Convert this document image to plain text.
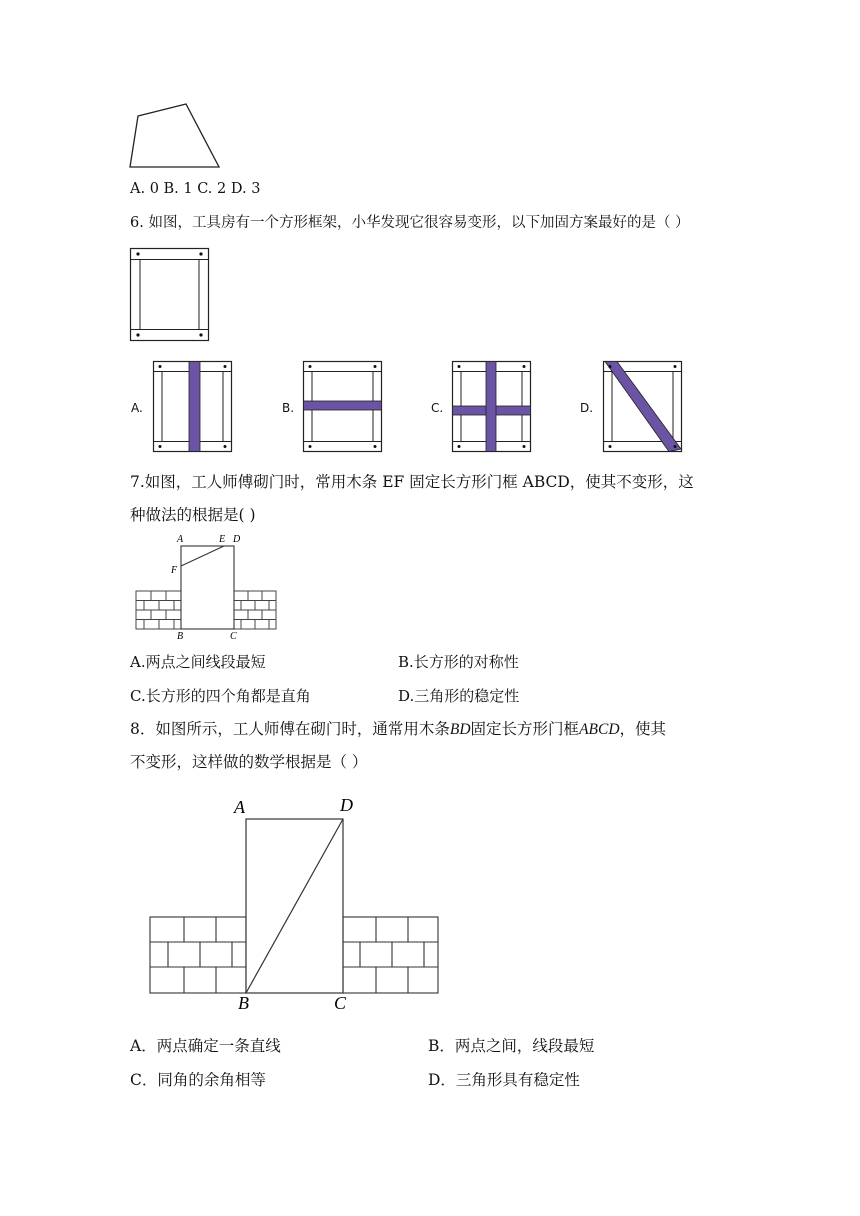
A. 0 B. 1 C. 2 D. 3
6. 如图，工具房有一个方形框架，小华发现它很容易变形，以下加固方案最好的是（ ）
A.	B.	C.	D.
7.如图，工人师傅砌门时，常用木条 EF 固定长方形门框 ABCD，使其不变形，这
种做法的根据是( )
A	E D
F
B	C
A.两点之间线段最短	B.长方形的对称性
C.长方形的四个角都是直角	D.三角形的稳定性
8．如图所示，工人师傅在砌门时，通常用木条BD固定长方形门框ABCD，使其
不变形，这样做的数学根据是（ ）
A	D
B	C
A．两点确定一条直线	B．两点之间，线段最短
C．同角的余角相等	D．三角形具有稳定性
